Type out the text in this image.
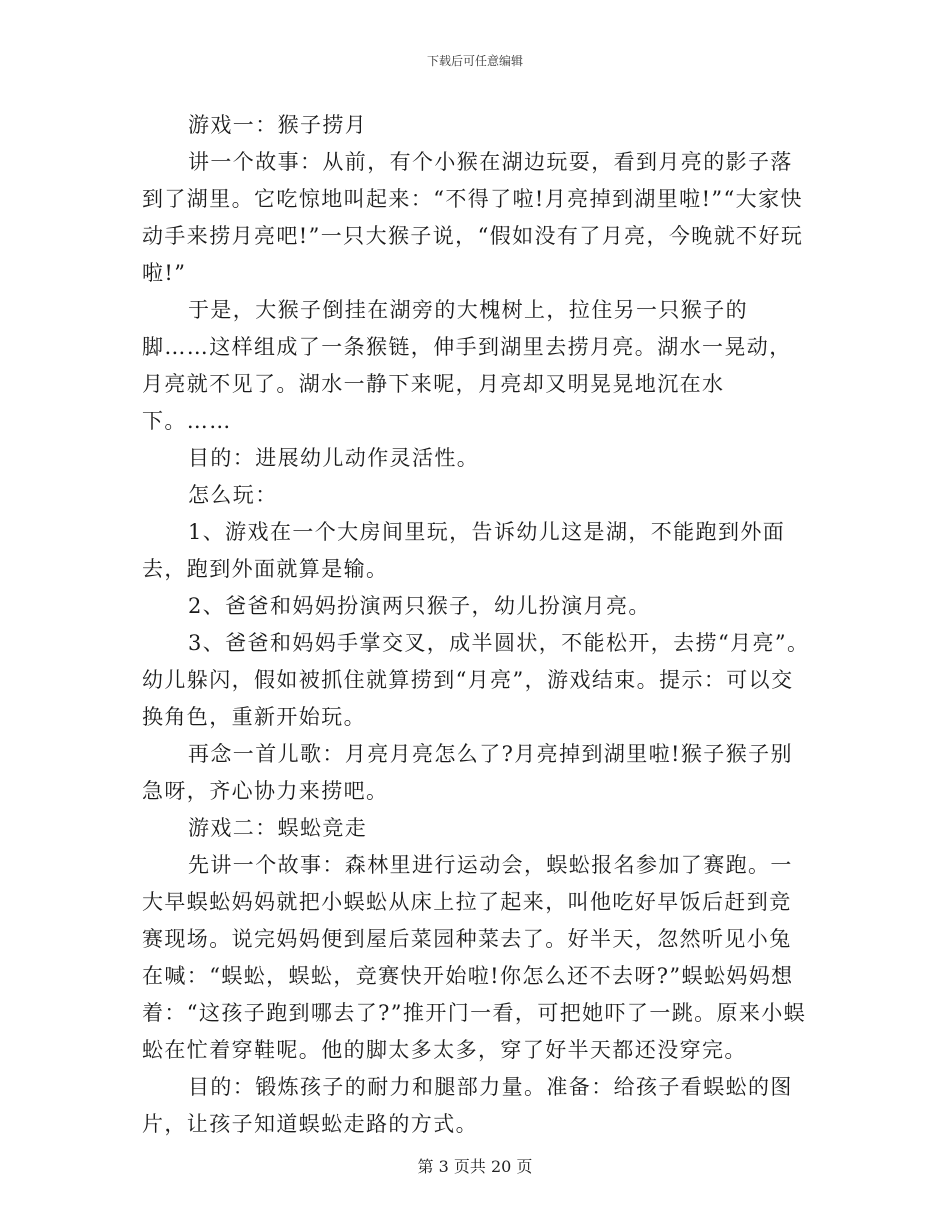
下载后可任意编辑

游戏一：猴子捞月

讲一个故事：从前，有个小猴在湖边玩耍，看到月亮的影子落到了湖里。它吃惊地叫起来：“不得了啦!月亮掉到湖里啦!”“大家快动手来捞月亮吧!”一只大猴子说，“假如没有了月亮，今晚就不好玩啦!”

于是，大猴子倒挂在湖旁的大槐树上，拉住另一只猴子的脚……这样组成了一条猴链，伸手到湖里去捞月亮。湖水一晃动，月亮就不见了。湖水一静下来呢，月亮却又明晃晃地沉在水下。……

目的：进展幼儿动作灵活性。

怎么玩：

1、游戏在一个大房间里玩，告诉幼儿这是湖，不能跑到外面去，跑到外面就算是输。

2、爸爸和妈妈扮演两只猴子，幼儿扮演月亮。

3、爸爸和妈妈手掌交叉，成半圆状，不能松开，去捞“月亮”。幼儿躲闪，假如被抓住就算捞到“月亮”，游戏结束。提示：可以交换角色，重新开始玩。

再念一首儿歌：月亮月亮怎么了?月亮掉到湖里啦!猴子猴子别急呀，齐心协力来捞吧。

游戏二：蜈蚣竞走

先讲一个故事：森林里进行运动会，蜈蚣报名参加了赛跑。一大早蜈蚣妈妈就把小蜈蚣从床上拉了起来，叫他吃好早饭后赶到竞赛现场。说完妈妈便到屋后菜园种菜去了。好半天，忽然听见小兔在喊：“蜈蚣，蜈蚣，竞赛快开始啦!你怎么还不去呀?”蜈蚣妈妈想着：“这孩子跑到哪去了?”推开门一看，可把她吓了一跳。原来小蜈蚣在忙着穿鞋呢。他的脚太多太多，穿了好半天都还没穿完。

目的：锻炼孩子的耐力和腿部力量。准备：给孩子看蜈蚣的图片，让孩子知道蜈蚣走路的方式。

第 3 页共 20 页
